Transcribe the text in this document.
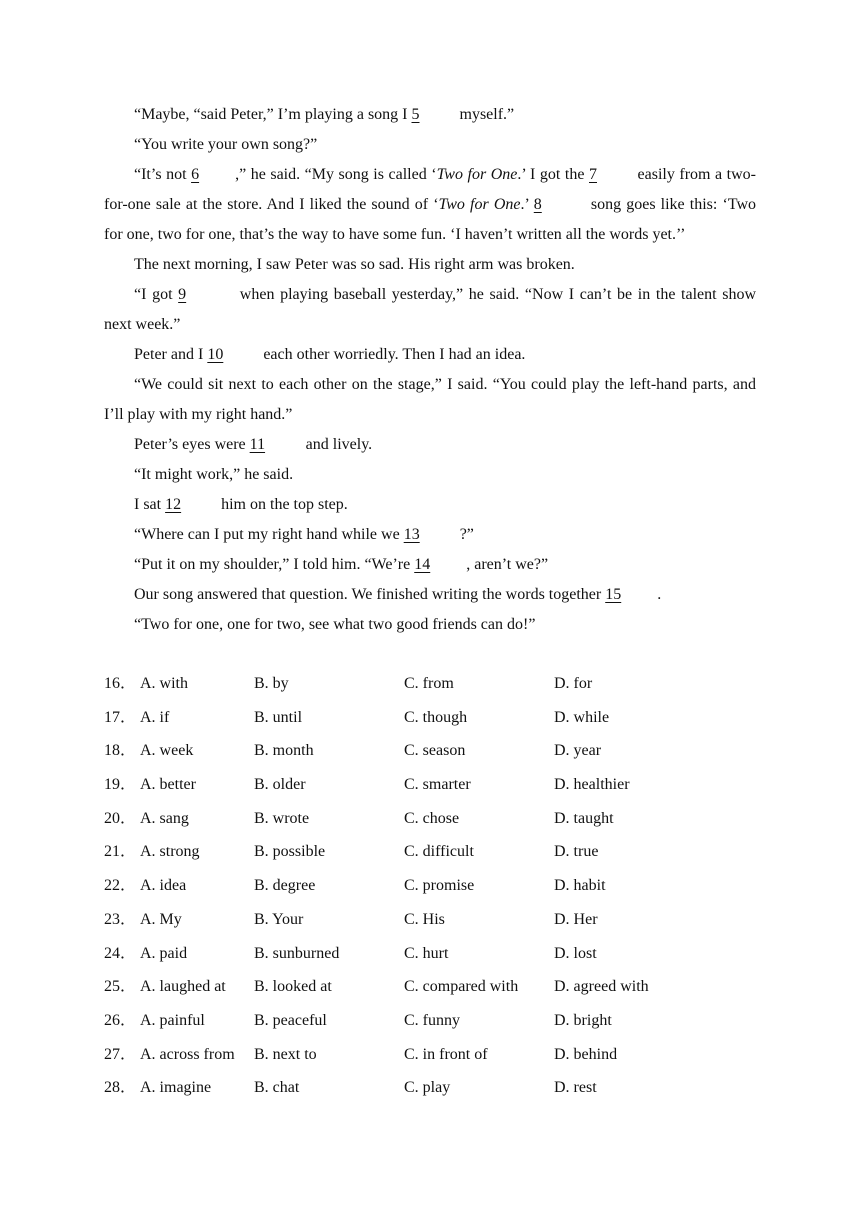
“Maybe, “said Peter,” I’m playing a song I 5 myself.”

“You write your own song?”

“It’s not 6 ,” he said. “My song is called ‘Two for One.’ I got the 7 easily from a two-for-one sale at the store. And I liked the sound of ‘Two for One.’ 8	song goes like this: ‘Two for one, two for one, that’s the way to have some fun. ‘I haven’t written all the words yet.’’

The next morning, I saw Peter was so sad. His right arm was broken.

“I got 9	when playing baseball yesterday,” he said. “Now I can’t be in the talent show next week.”

Peter and I 10 each other worriedly. Then I had an idea.

“We could sit next to each other on the stage,” I said. “You could play the left-hand parts, and I’ll play with my right hand.”

Peter’s eyes were 11 and lively.

“It might work,” he said.

I sat 12 him on the top step.

“Where can I put my right hand while we 13 ?”

“Put it on my shoulder,” I told him. “We’re 14 , aren’t we?”

Our song answered that question. We finished writing the words together 15 .

“Two for one, one for two, see what two good friends can do!”

16． A. with	B. by	C. from	D. for
17． A. if	B. until	C. though	D. while
18． A. week	B. month	C. season	D. year
19． A. better	B. older	C. smarter	D. healthier
20． A. sang	B. wrote	C. chose	D. taught
21． A. strong	B. possible	C. difficult	D. true
22． A. idea	B. degree	C. promise	D. habit
23． A. My	B. Your	C. His	D. Her
24． A. paid	B. sunburned	C. hurt	D. lost
25． A. laughed at B. looked at	C. compared with D. agreed with
26． A. painful	B. peaceful	C. funny	D. bright
27． A. across from B. next to	C. in front of	D. behind
28． A. imagine	B. chat	C. play	D. rest
